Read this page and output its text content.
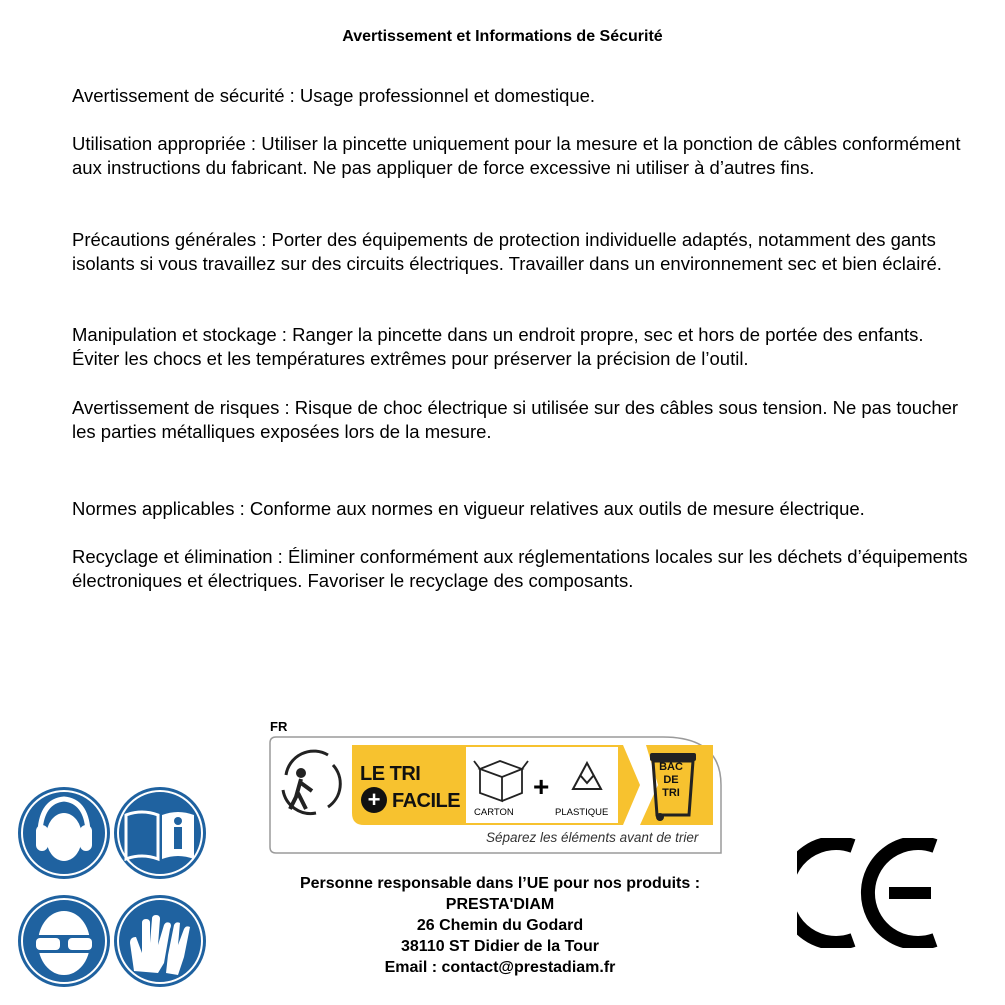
Avertissement et Informations de Sécurité

Avertissement de sécurité : Usage professionnel et domestique.

Utilisation appropriée : Utiliser la pincette uniquement pour la mesure et la ponction de câbles conformément aux instructions du fabricant. Ne pas appliquer de force excessive ni utiliser à d’autres fins.

Précautions générales : Porter des équipements de protection individuelle adaptés, notamment des gants isolants si vous travaillez sur des circuits électriques. Travailler dans un environnement sec et bien éclairé.

Manipulation et stockage : Ranger la pincette dans un endroit propre, sec et hors de portée des enfants. Éviter les chocs et les températures extrêmes pour préserver la précision de l’outil.

Avertissement de risques : Risque de choc électrique si utilisée sur des câbles sous tension. Ne pas toucher les parties métalliques exposées lors de la mesure.

Normes applicables : Conforme aux normes en vigueur relatives aux outils de mesure électrique.

Recyclage et élimination : Éliminer conformément aux réglementations locales sur les déchets d’équipements électroniques et électriques. Favoriser le recyclage des composants.

FR
LE TRI
+ FACILE	+
CARTON	PLASTIQUE
BAC
DE
TRI
Séparez les éléments avant de trier
Personne responsable dans l’UE pour nos produits :
PRESTA'DIAM
26 Chemin du Godard
38110 ST Didier de la Tour
Email : contact@prestadiam.fr
